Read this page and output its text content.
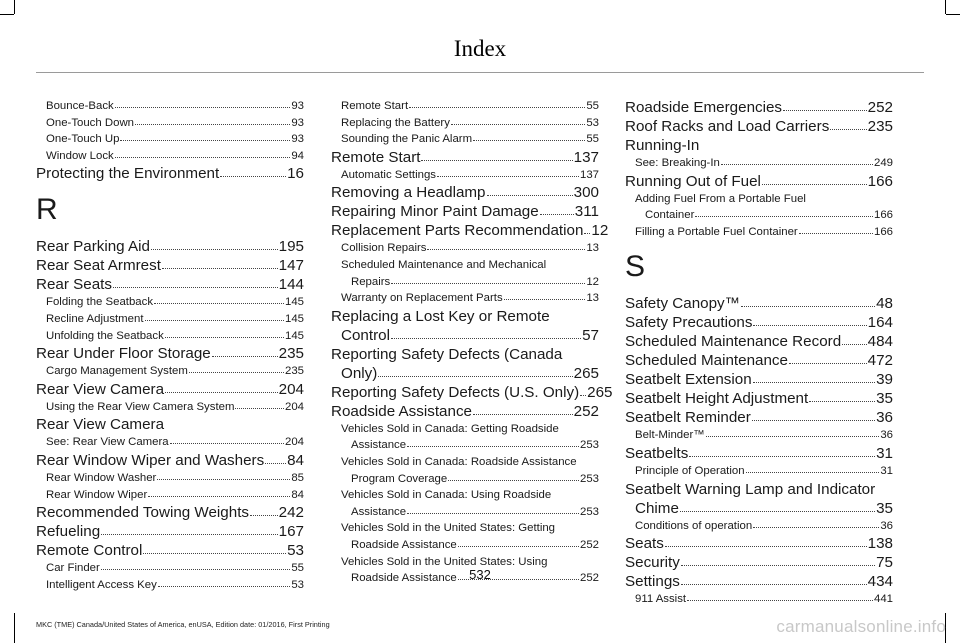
Index
Bounce-Back	93
One-Touch Down	93
One-Touch Up	93
Window Lock	94
Protecting the Environment	16
R
Rear Parking Aid	195
Rear Seat Armrest	147
Rear Seats	144
Folding the Seatback	145
Recline Adjustment	145
Unfolding the Seatback	145
Rear Under Floor Storage	235
Cargo Management System	235
Rear View Camera	204
Using the Rear View Camera System	204
Rear View Camera
See: Rear View Camera	204
Rear Window Wiper and Washers 84
Rear Window Washer	85
Rear Window Wiper	84
Recommended Towing Weights 242
Refueling	167
Remote Control	53
Car Finder	55
Intelligent Access Key	53
Remote Start	55
Replacing the Battery	53
Sounding the Panic Alarm	55
Remote Start	137
Automatic Settings	137
Removing a Headlamp	300
Repairing Minor Paint Damage 311
Replacement Parts Recommendation 12
Collision Repairs	13
Scheduled Maintenance and Mechanical
Repairs	12
Warranty on Replacement Parts	13
Replacing a Lost Key or Remote
Control	57
Reporting Safety Defects (Canada
Only)	265
Reporting Safety Defects (U.S. Only) 265
Roadside Assistance	252
Vehicles Sold in Canada: Getting Roadside
Assistance	253
Vehicles Sold in Canada: Roadside Assistance
Program Coverage	253
Vehicles Sold in Canada: Using Roadside
Assistance	253
Vehicles Sold in the United States: Getting
Roadside Assistance	252
Vehicles Sold in the United States: Using
Roadside Assistance	252
Roadside Emergencies	252
Roof Racks and Load Carriers	235
Running-In
See: Breaking-In	249
Running Out of Fuel	166
Adding Fuel From a Portable Fuel
Container	166
Filling a Portable Fuel Container	166
S
Safety Canopy™	48
Safety Precautions	164
Scheduled Maintenance Record 484
Scheduled Maintenance	472
Seatbelt Extension	39
Seatbelt Height Adjustment	35
Seatbelt Reminder	36
Belt-Minder™	36
Seatbelts	31
Principle of Operation	31
Seatbelt Warning Lamp and Indicator
Chime	35
Conditions of operation	36
Seats	138
Security	75
Settings	434
911 Assist	441
532
MKC (TME) Canada/United States of America, enUSA, Edition date: 01/2016, First Printing	carmanualsonline.info
